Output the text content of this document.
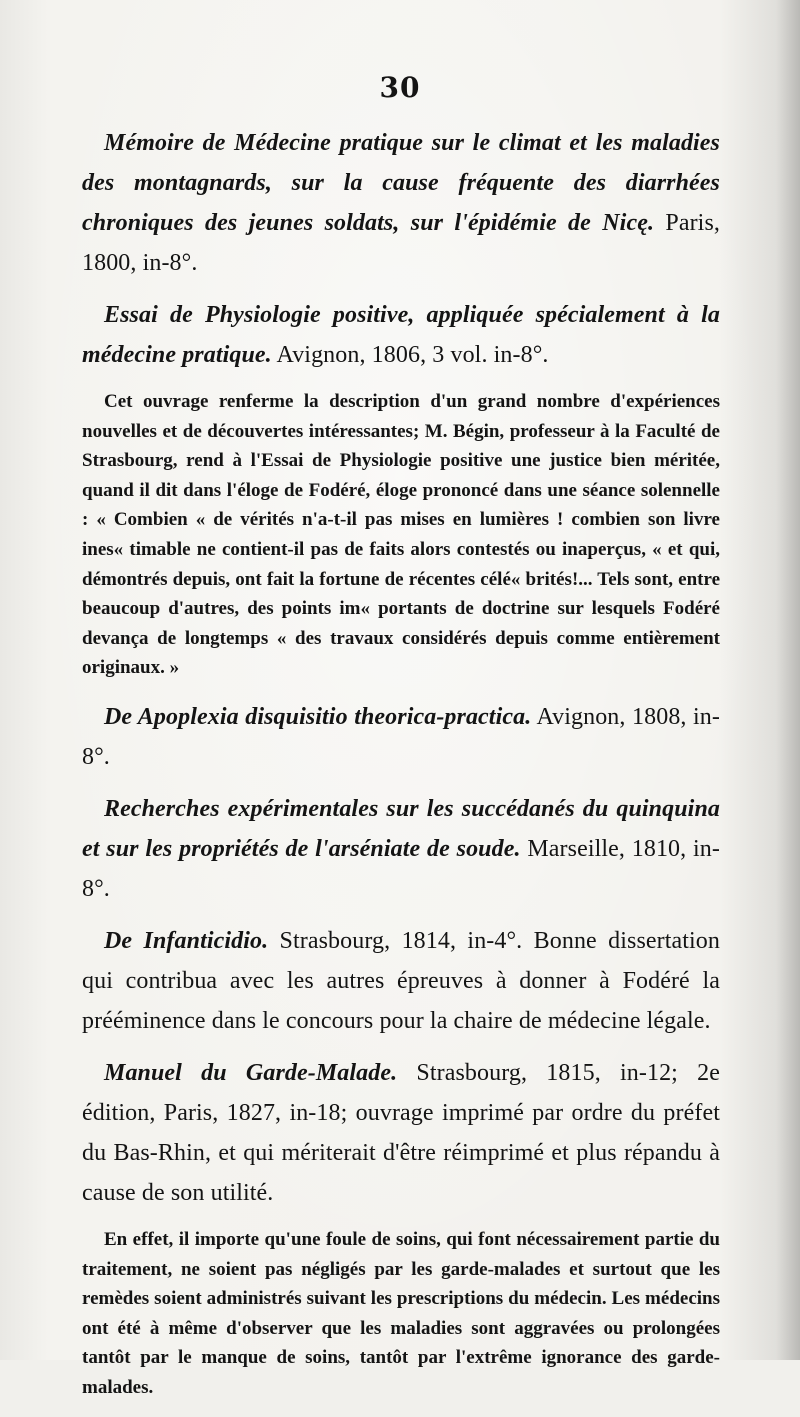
30

Mémoire de Médecine pratique sur le climat et les maladies des montagnards, sur la cause fréquente des diarrhées chroniques des jeunes soldats, sur l'épidémie de Nicę. Paris, 1800, in-8°.

Essai de Physiologie positive, appliquée spécialement à la médecine pratique. Avignon, 1806, 3 vol. in-8°.

Cet ouvrage renferme la description d'un grand nombre d'expériences nouvelles et de découvertes intéressantes; M. Bégin, professeur à la Faculté de Strasbourg, rend à l'Essai de Physiologie positive une justice bien méritée, quand il dit dans l'éloge de Fodéré, éloge prononcé dans une séance solennelle : « Combien « de vérités n'a-t-il pas mises en lumières ! combien son livre ines« timable ne contient-il pas de faits alors contestés ou inaperçus, « et qui, démontrés depuis, ont fait la fortune de récentes célé« brités!... Tels sont, entre beaucoup d'autres, des points im« portants de doctrine sur lesquels Fodéré devança de longtemps « des travaux considérés depuis comme entièrement originaux. »

De Apoplexia disquisitio theorica-practica. Avignon, 1808, in-8°.

Recherches expérimentales sur les succédanés du quinquina et sur les propriétés de l'arséniate de soude. Marseille, 1810, in-8°.

De Infanticidio. Strasbourg, 1814, in-4°. Bonne dissertation qui contribua avec les autres épreuves à donner à Fodéré la prééminence dans le concours pour la chaire de médecine légale.

Manuel du Garde-Malade. Strasbourg, 1815, in-12; 2e édition, Paris, 1827, in-18; ouvrage imprimé par ordre du préfet du Bas-Rhin, et qui mériterait d'être réimprimé et plus répandu à cause de son utilité.

En effet, il importe qu'une foule de soins, qui font nécessairement partie du traitement, ne soient pas négligés par les garde-malades et surtout que les remèdes soient administrés suivant les prescriptions du médecin. Les médecins ont été à même d'observer que les maladies sont aggravées ou prolongées tantôt par le manque de soins, tantôt par l'extrême ignorance des garde-malades.
